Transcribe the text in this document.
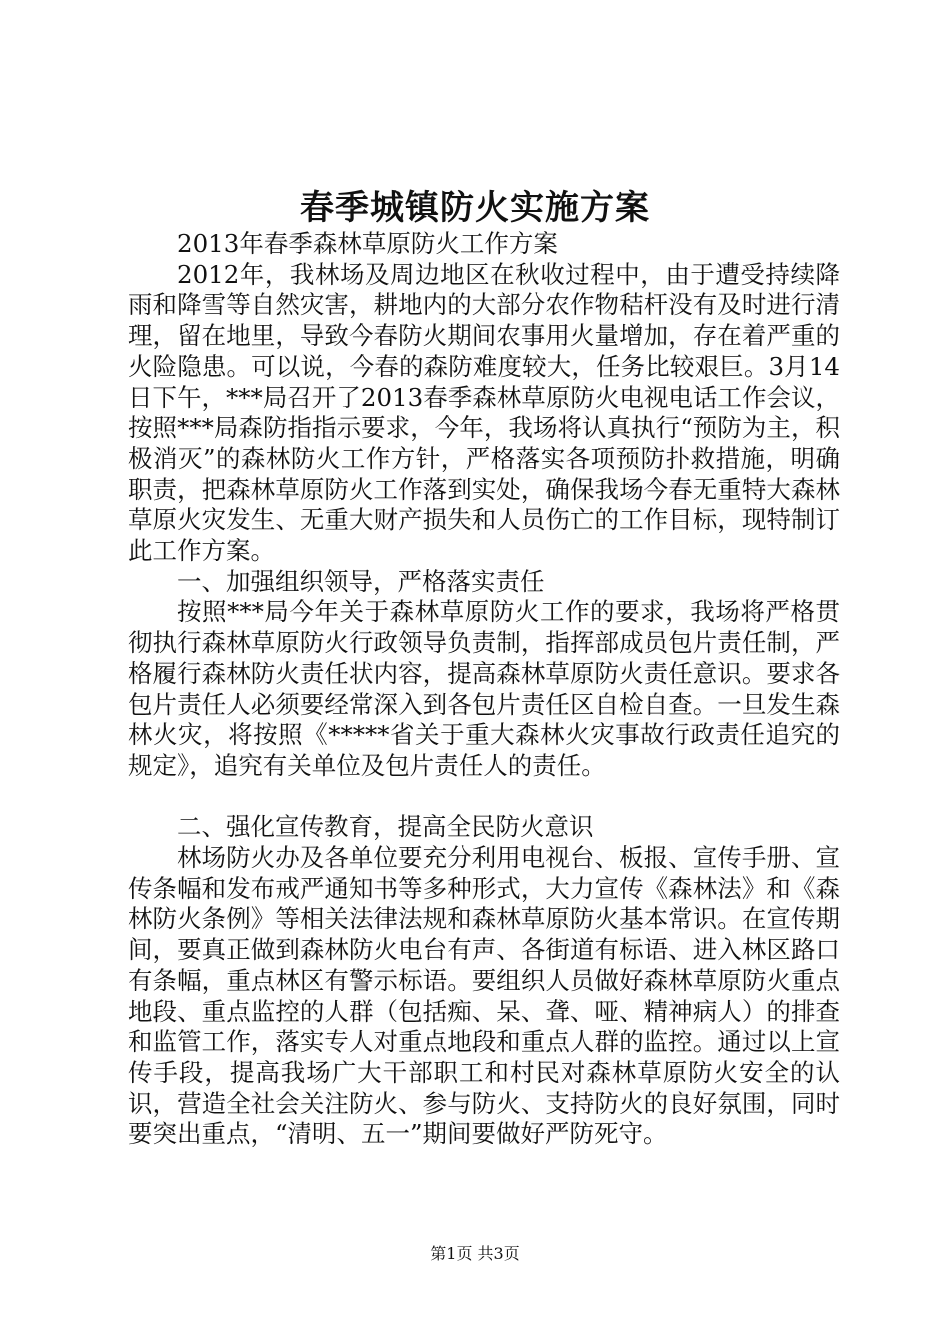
春季城镇防火实施方案

2013年春季森林草原防火工作方案

2012年，我林场及周边地区在秋收过程中，由于遭受持续降雨和降雪等自然灾害，耕地内的大部分农作物秸杆没有及时进行清理，留在地里，导致今春防火期间农事用火量增加，存在着严重的火险隐患。可以说，今春的森防难度较大，任务比较艰巨。3月14日下午，***局召开了2013春季森林草原防火电视电话工作会议，按照***局森防指指示要求，今年，我场将认真执行“预防为主，积极消灭”的森林防火工作方针，严格落实各项预防扑救措施，明确职责，把森林草原防火工作落到实处，确保我场今春无重特大森林草原火灾发生、无重大财产损失和人员伤亡的工作目标，现特制订此工作方案。

一、加强组织领导，严格落实责任

按照***局今年关于森林草原防火工作的要求，我场将严格贯彻执行森林草原防火行政领导负责制，指挥部成员包片责任制，严格履行森林防火责任状内容，提高森林草原防火责任意识。要求各包片责任人必须要经常深入到各包片责任区自检自查。一旦发生森林火灾，将按照《*****省关于重大森林火灾事故行政责任追究的规定》，追究有关单位及包片责任人的责任。

二、强化宣传教育，提高全民防火意识

林场防火办及各单位要充分利用电视台、板报、宣传手册、宣传条幅和发布戒严通知书等多种形式，大力宣传《森林法》和《森林防火条例》等相关法律法规和森林草原防火基本常识。在宣传期间，要真正做到森林防火电台有声、各街道有标语、进入林区路口有条幅，重点林区有警示标语。要组织人员做好森林草原防火重点地段、重点监控的人群（包括痴、呆、聋、哑、精神病人）的排查和监管工作，落实专人对重点地段和重点人群的监控。通过以上宣传手段，提高我场广大干部职工和村民对森林草原防火安全的认识，营造全社会关注防火、参与防火、支持防火的良好氛围，同时要突出重点，“清明、五一”期间要做好严防死守。

第1页 共3页
